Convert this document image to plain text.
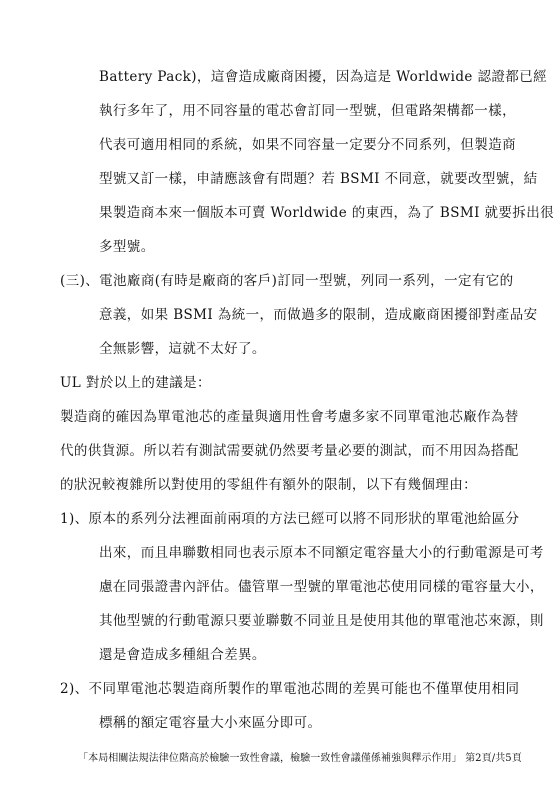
Battery Pack)，這會造成廠商困擾，因為這是 Worldwide 認證都已經
執行多年了，用不同容量的電芯會訂同一型號，但電路架構都一樣，
代表可適用相同的系統，如果不同容量一定要分不同系列，但製造商
型號又訂一樣，申請應該會有問題？若 BSMI 不同意，就要改型號，結
果製造商本來一個版本可賣 Worldwide 的東西，為了 BSMI 就要拆出很
多型號。
(三)、電池廠商(有時是廠商的客戶)訂同一型號，列同一系列，一定有它的
意義，如果 BSMI 為統一，而做過多的限制，造成廠商困擾卻對產品安
全無影響，這就不太好了。
UL 對於以上的建議是：
製造商的確因為單電池芯的產量與適用性會考慮多家不同單電池芯廠作為替
代的供貨源。所以若有測試需要就仍然要考量必要的測試，而不用因為搭配
的狀況較複雜所以對使用的零組件有額外的限制，以下有幾個理由：
1)、原本的系列分法裡面前兩項的方法已經可以將不同形狀的單電池給區分
出來，而且串聯數相同也表示原本不同額定電容量大小的行動電源是可考
慮在同張證書內評估。儘管單一型號的單電池芯使用同樣的電容量大小，
其他型號的行動電源只要並聯數不同並且是使用其他的單電池芯來源，則
還是會造成多種組合差異。
2)、不同單電池芯製造商所製作的單電池芯間的差異可能也不僅單使用相同
標稱的額定電容量大小來區分即可。
「本局相關法規法律位階高於檢驗一致性會議，檢驗一致性會議僅係補強與釋示作用」 第2頁/共5頁
